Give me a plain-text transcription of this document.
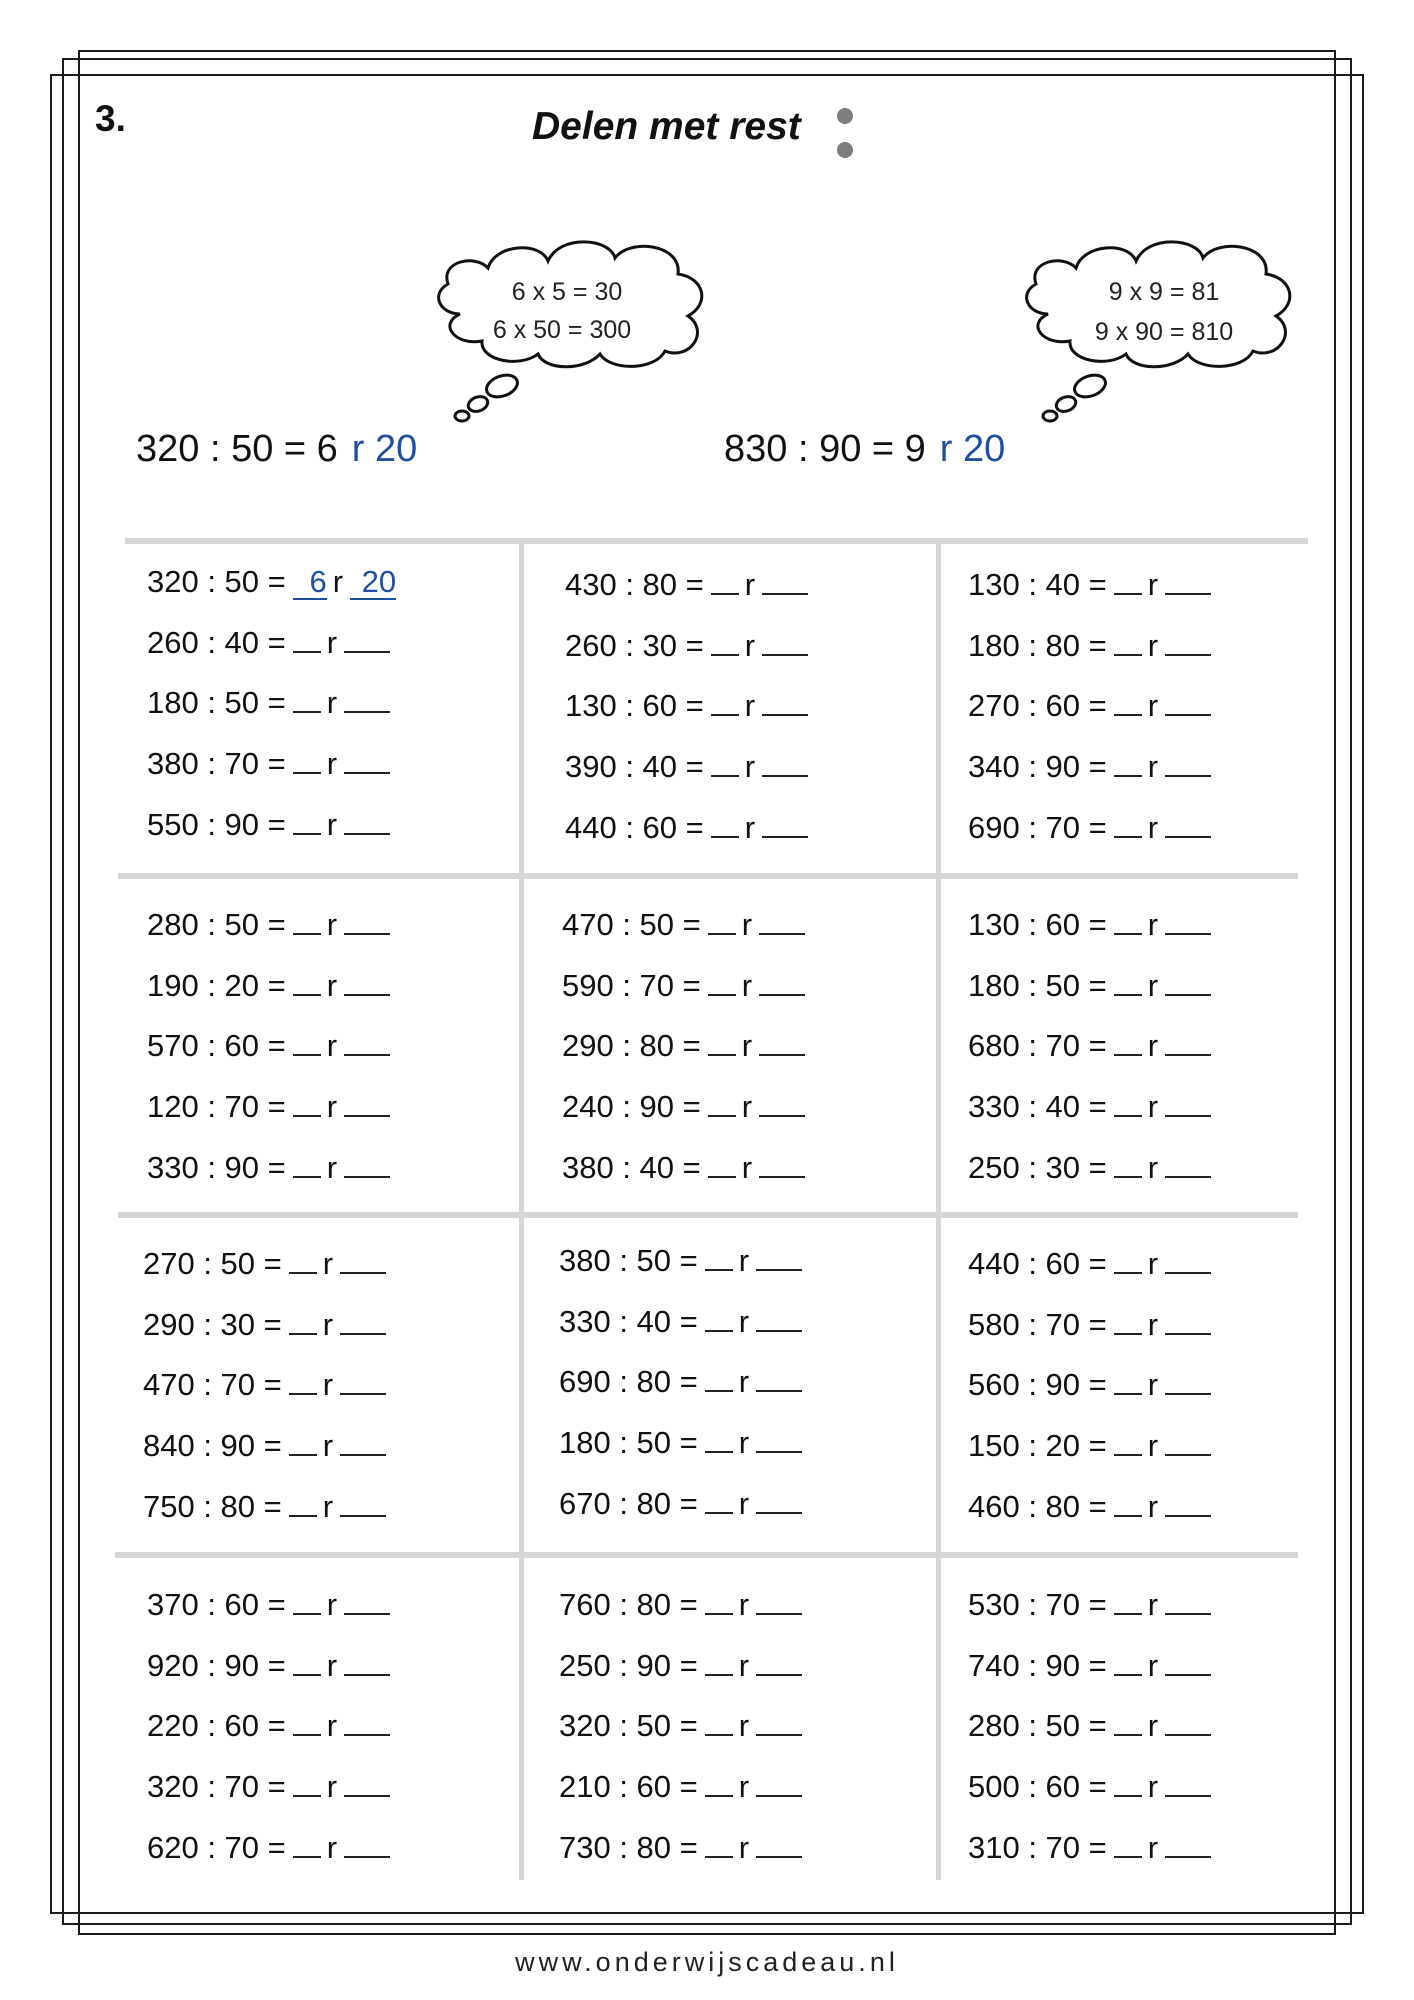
3.	Delen met rest
6 x 5 = 30
6 x 50 = 300
9 x 9 = 81
9 x 90 = 810
320 : 50 = 6 r 20	830 : 90 = 9 r 20
320 : 50 = 6 r 20
260 : 40 = r
180 : 50 = r
380 : 70 = r
550 : 90 = r
430 : 80 = r
260 : 30 = r
130 : 60 = r
390 : 40 = r
440 : 60 = r
130 : 40 = r
180 : 80 = r
270 : 60 = r
340 : 90 = r
690 : 70 = r
280 : 50 = r
190 : 20 = r
570 : 60 = r
120 : 70 = r
330 : 90 = r
470 : 50 = r
590 : 70 = r
290 : 80 = r
240 : 90 = r
380 : 40 = r
130 : 60 = r
180 : 50 = r
680 : 70 = r
330 : 40 = r
250 : 30 = r
270 : 50 = r
290 : 30 = r
470 : 70 = r
840 : 90 = r
750 : 80 = r
380 : 50 = r
330 : 40 = r
690 : 80 = r
180 : 50 = r
670 : 80 = r
440 : 60 = r
580 : 70 = r
560 : 90 = r
150 : 20 = r
460 : 80 = r
370 : 60 = r
920 : 90 = r
220 : 60 = r
320 : 70 = r
620 : 70 = r
760 : 80 = r
250 : 90 = r
320 : 50 = r
210 : 60 = r
730 : 80 = r
530 : 70 = r
740 : 90 = r
280 : 50 = r
500 : 60 = r
310 : 70 = r
www.onderwijscadeau.nl
